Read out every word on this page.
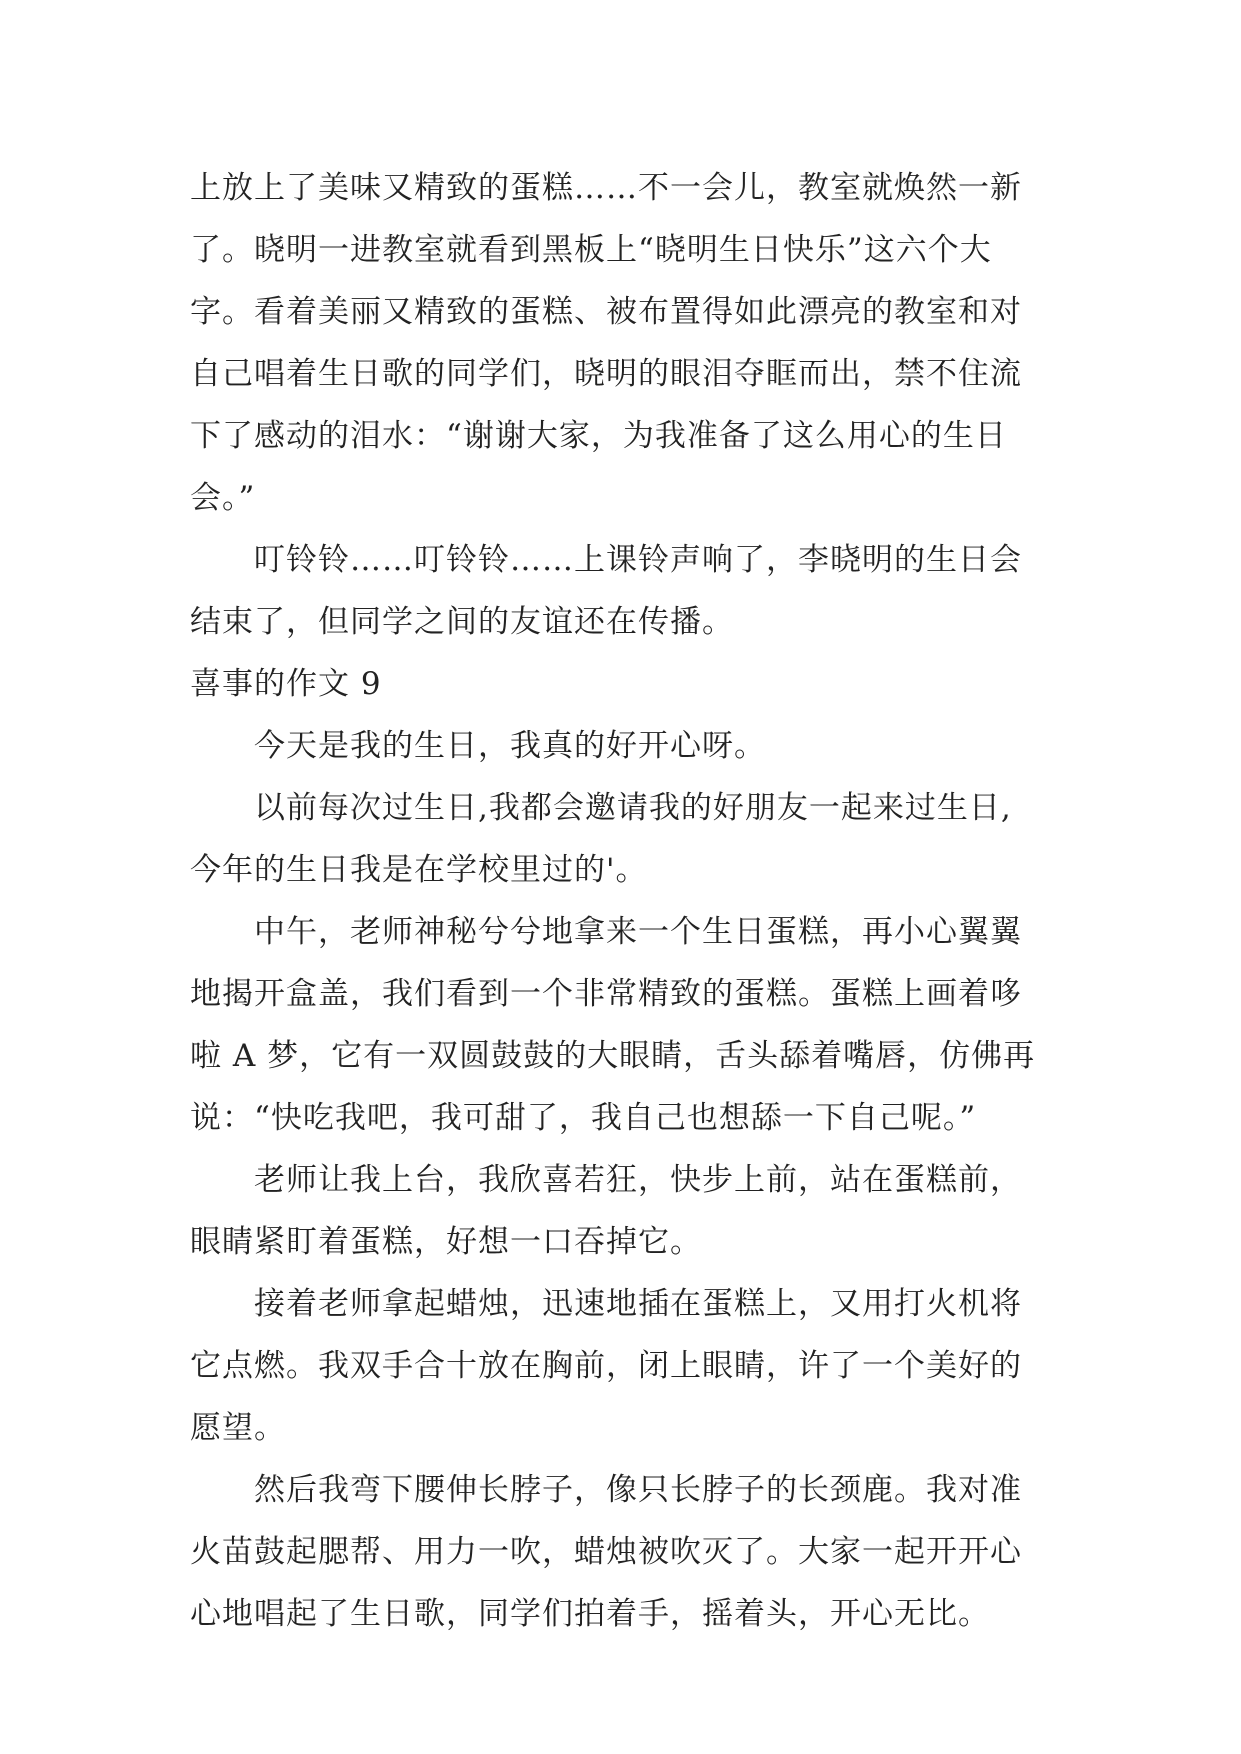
上放上了美味又精致的蛋糕……不一会儿，教室就焕然一新
了。晓明一进教室就看到黑板上“晓明生日快乐”这六个大
字。看着美丽又精致的蛋糕、被布置得如此漂亮的教室和对
自己唱着生日歌的同学们，晓明的眼泪夺眶而出，禁不住流
下了感动的泪水：“谢谢大家，为我准备了这么用心的生日
会。”
叮铃铃……叮铃铃……上课铃声响了，李晓明的生日会
结束了，但同学之间的友谊还在传播。
喜事的作文 9
今天是我的生日，我真的好开心呀。
以前每次过生日,我都会邀请我的好朋友一起来过生日,
今年的生日我是在学校里过的'。
中午，老师神秘兮兮地拿来一个生日蛋糕，再小心翼翼
地揭开盒盖，我们看到一个非常精致的蛋糕。蛋糕上画着哆
啦 A 梦，它有一双圆鼓鼓的大眼睛，舌头舔着嘴唇，仿佛再
说：“快吃我吧，我可甜了，我自己也想舔一下自己呢。”
老师让我上台，我欣喜若狂，快步上前，站在蛋糕前，
眼睛紧盯着蛋糕，好想一口吞掉它。
接着老师拿起蜡烛，迅速地插在蛋糕上，又用打火机将
它点燃。我双手合十放在胸前，闭上眼睛，许了一个美好的
愿望。
然后我弯下腰伸长脖子，像只长脖子的长颈鹿。我对准
火苗鼓起腮帮、用力一吹，蜡烛被吹灭了。大家一起开开心
心地唱起了生日歌，同学们拍着手，摇着头，开心无比。
